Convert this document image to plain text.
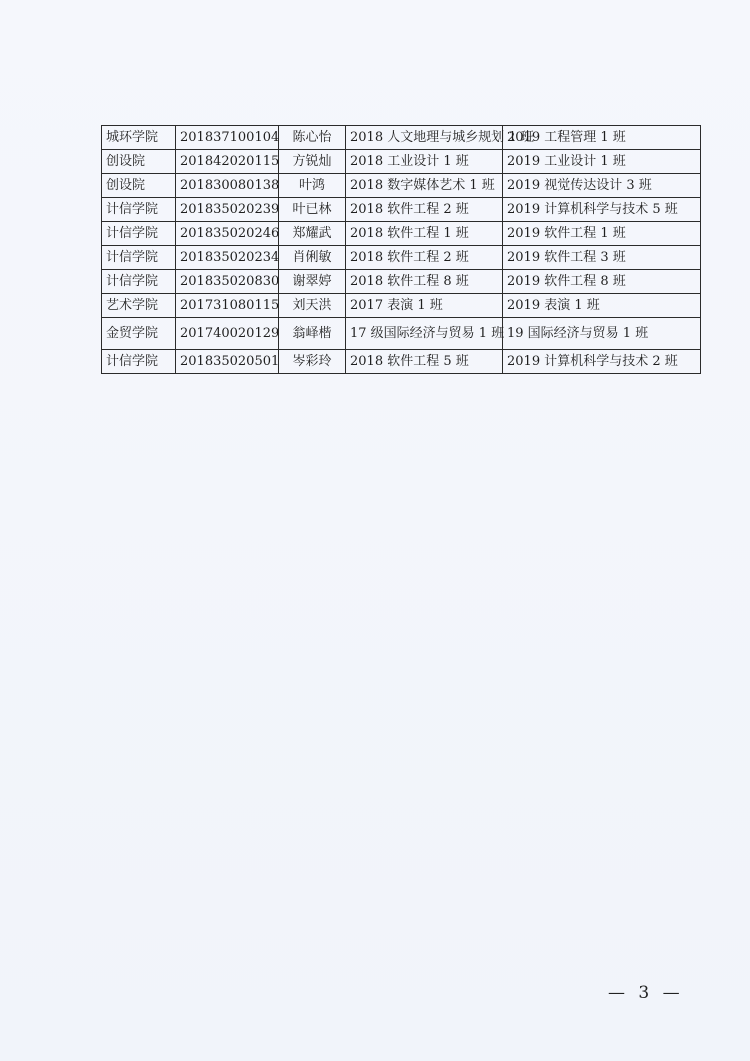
城环学院	201837100104	陈心怡	2018 人文地理与城乡规划 1 班	2019 工程管理 1 班
创设院	201842020115	方锐灿	2018 工业设计 1 班	2019 工业设计 1 班
创设院	201830080138	叶鸿	2018 数字媒体艺术 1 班	2019 视觉传达设计 3 班
计信学院	201835020239	叶已林	2018 软件工程 2 班	2019 计算机科学与技术 5 班
计信学院	201835020246	郑耀武	2018 软件工程 1 班	2019 软件工程 1 班
计信学院	201835020234	肖俐敏	2018 软件工程 2 班	2019 软件工程 3 班
计信学院	201835020830	谢翠婷	2018 软件工程 8 班	2019 软件工程 8 班
艺术学院	201731080115	刘天洪	2017 表演 1 班	2019 表演 1 班
金贸学院	201740020129	翁峄楷	17 级国际经济与贸易 1 班	19 国际经济与贸易 1 班
计信学院	201835020501	岑彩玲	2018 软件工程 5 班	2019 计算机科学与技术 2 班
— 3 —
